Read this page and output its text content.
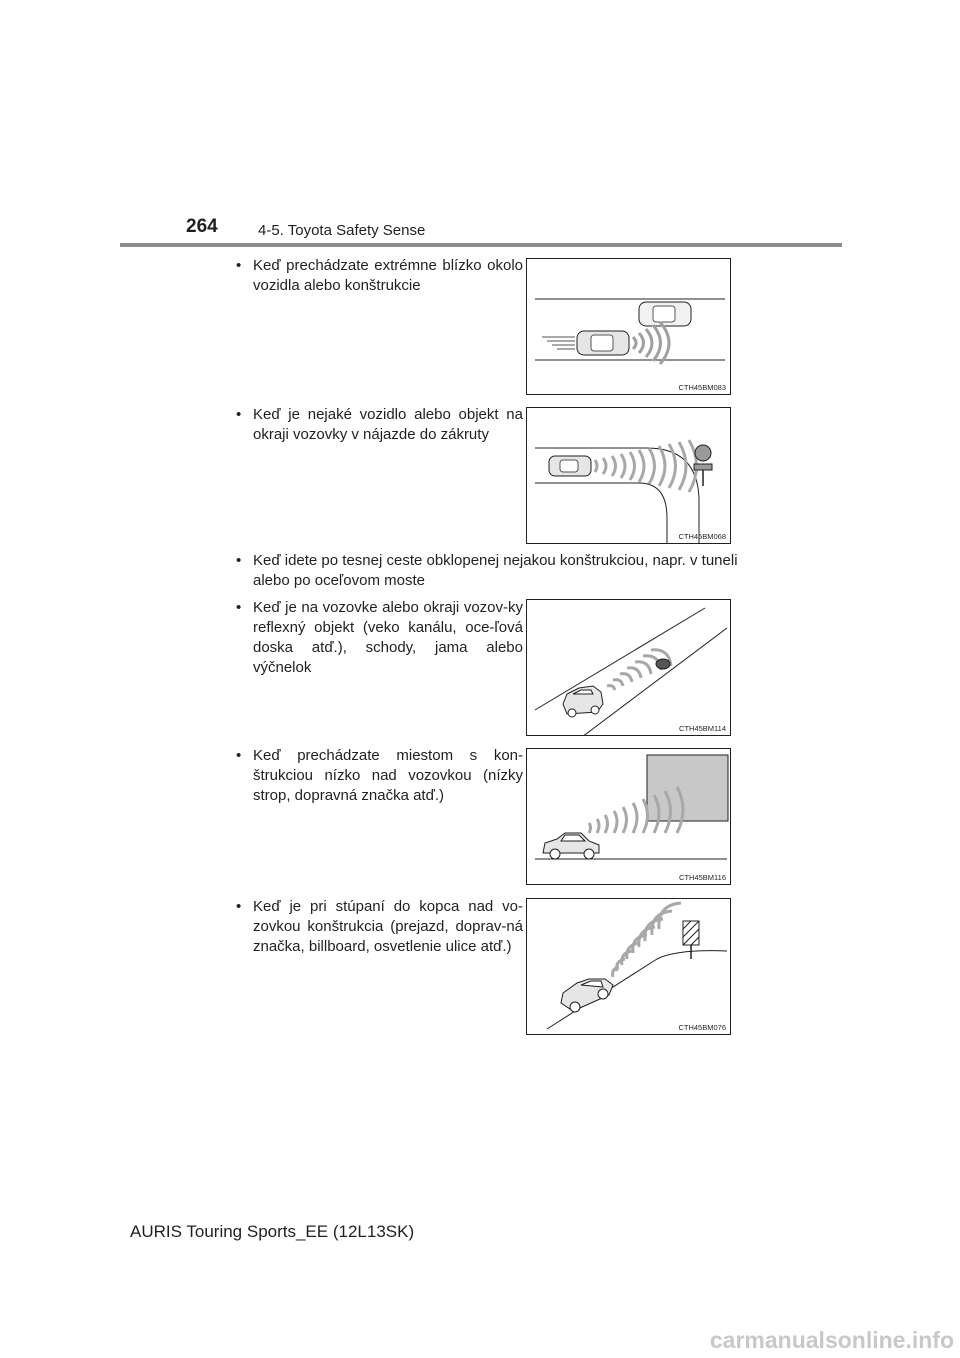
264	4-5. Toyota Safety Sense
• Keď prechádzate extrémne blízko okolo vozidla alebo konštrukcie
CTH45BM083
• Keď je nejaké vozidlo alebo objekt na okraji vozovky v nájazde do zákruty
CTH45BM068
• Keď idete po tesnej ceste obklopenej nejakou konštrukciou, napr. v tuneli alebo po oceľovom moste
• Keď je na vozovke alebo okraji vozov-ky reflexný objekt (veko kanálu, oce-ľová doska atď.), schody, jama alebo výčnelok
CTH45BM114
• Keď prechádzate miestom s kon-štrukciou nízko nad vozovkou (nízky strop, dopravná značka atď.)
CTH45BM116
• Keď je pri stúpaní do kopca nad vo-zovkou konštrukcia (prejazd, doprav-ná značka, billboard, osvetlenie ulice atď.)
CTH45BM076
AURIS Touring Sports_EE (12L13SK)
carmanualsonline.info
